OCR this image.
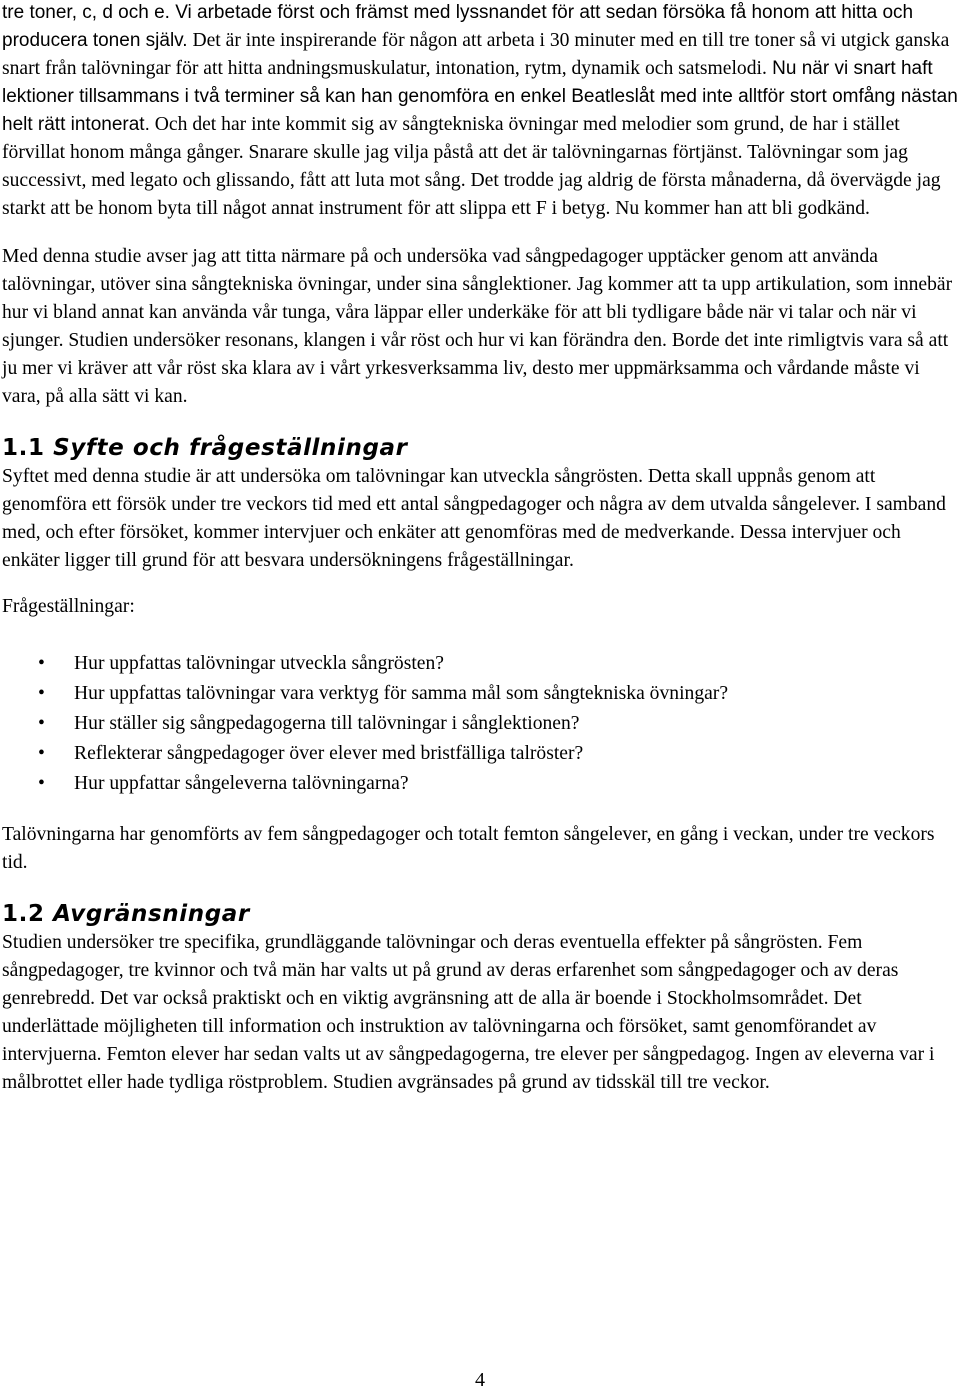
tre toner, c, d och e. Vi arbetade först och främst med lyssnandet för att sedan försöka få honom att hitta och producera tonen själv. Det är inte inspirerande för någon att arbeta i 30 minuter med en till tre toner så vi utgick ganska snart från talövningar för att hitta andningsmuskulatur, intonation, rytm, dynamik och satsmelodi. Nu när vi snart haft lektioner tillsammans i två terminer så kan han genomföra en enkel Beatleslåt med inte alltför stort omfång nästan helt rätt intonerat. Och det har inte kommit sig av sångtekniska övningar med melodier som grund, de har i stället förvillat honom många gånger. Snarare skulle jag vilja påstå att det är talövningarnas förtjänst. Talövningar som jag successivt, med legato och glissando, fått att luta mot sång. Det trodde jag aldrig de första månaderna, då övervägde jag starkt att be honom byta till något annat instrument för att slippa ett F i betyg. Nu kommer han att bli godkänd.

Med denna studie avser jag att titta närmare på och undersöka vad sångpedagoger upptäcker genom att använda talövningar, utöver sina sångtekniska övningar, under sina sånglektioner. Jag kommer att ta upp artikulation, som innebär hur vi bland annat kan använda vår tunga, våra läppar eller underkäke för att bli tydligare både när vi talar och när vi sjunger. Studien undersöker resonans, klangen i vår röst och hur vi kan förändra den. Borde det inte rimligtvis vara så att ju mer vi kräver att vår röst ska klara av i vårt yrkesverksamma liv, desto mer uppmärksamma och vårdande måste vi vara, på alla sätt vi kan.

1.1 Syfte och frågeställningar

Syftet med denna studie är att undersöka om talövningar kan utveckla sångrösten. Detta skall uppnås genom att genomföra ett försök under tre veckors tid med ett antal sångpedagoger och några av dem utvalda sångelever. I samband med, och efter försöket, kommer intervjuer och enkäter att genomföras med de medverkande. Dessa intervjuer och enkäter ligger till grund för att besvara undersökningens frågeställningar.

Frågeställningar:

• Hur uppfattas talövningar utveckla sångrösten?
• Hur uppfattas talövningar vara verktyg för samma mål som sångtekniska övningar?
• Hur ställer sig sångpedagogerna till talövningar i sånglektionen?
• Reflekterar sångpedagoger över elever med bristfälliga talröster?
• Hur uppfattar sångeleverna talövningarna?

Talövningarna har genomförts av fem sångpedagoger och totalt femton sångelever, en gång i veckan, under tre veckors tid.

1.2 Avgränsningar

Studien undersöker tre specifika, grundläggande talövningar och deras eventuella effekter på sångrösten. Fem sångpedagoger, tre kvinnor och två män har valts ut på grund av deras erfarenhet som sångpedagoger och av deras genrebredd. Det var också praktiskt och en viktig avgränsning att de alla är boende i Stockholmsområdet. Det underlättade möjligheten till information och instruktion av talövningarna och försöket, samt genomförandet av intervjuerna. Femton elever har sedan valts ut av sångpedagogerna, tre elever per sångpedagog. Ingen av eleverna var i målbrottet eller hade tydliga röstproblem. Studien avgränsades på grund av tidsskäl till tre veckor.

4
